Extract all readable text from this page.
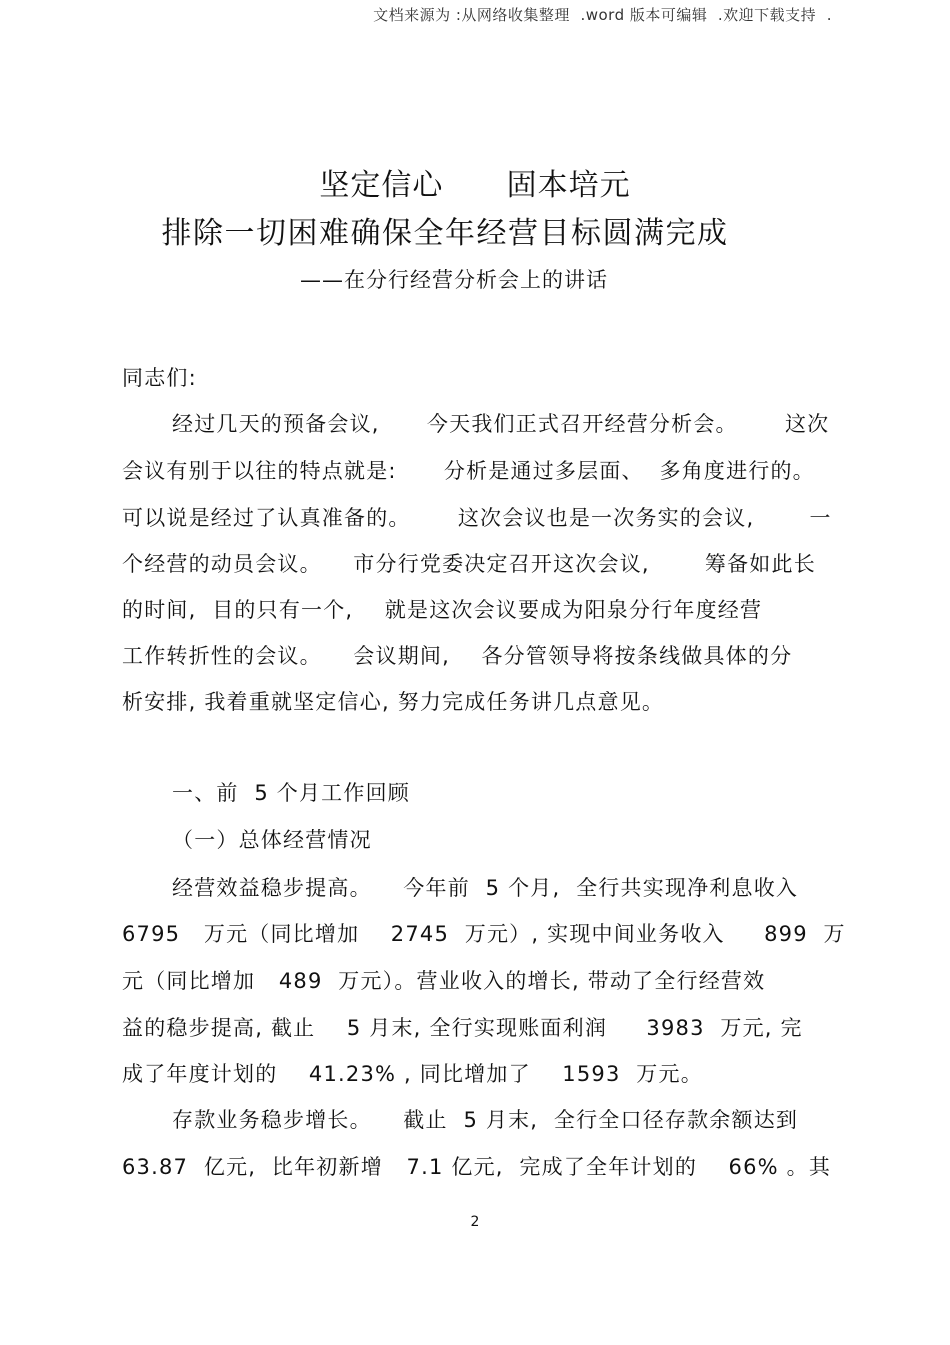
文档来源为 :从网络收集整理  .word 版本可编辑  .欢迎下载支持  .
坚定信心      固本培元
排除一切困难确保全年经营目标圆满完成
——在分行经营分析会上的讲话
同志们:
经过几天的预备会议,      今天我们正式召开经营分析会。      这次
会议有别于以往的特点就是:      分析是通过多层面、  多角度进行的。
可以说是经过了认真准备的。      这次会议也是一次务实的会议,       一
个经营的动员会议。    市分行党委决定召开这次会议,       筹备如此长
的时间,  目的只有一个,    就是这次会议要成为阳泉分行年度经营
工作转折性的会议。    会议期间,    各分管领导将按条线做具体的分
析安排, 我着重就坚定信心, 努力完成任务讲几点意见。
一、前  5 个月工作回顾
（一）总体经营情况
经营效益稳步提高。    今年前  5 个月,  全行共实现净利息收入
6795   万元（同比增加    2745  万元）, 实现中间业务收入     899  万
元（同比增加   489  万元）。营业收入的增长, 带动了全行经营效
益的稳步提高, 截止    5 月末, 全行实现账面利润     3983  万元, 完
成了年度计划的    41.23% , 同比增加了    1593  万元。
存款业务稳步增长。    截止  5 月末,  全行全口径存款余额达到
63.87  亿元,  比年初新增   7.1 亿元,  完成了全年计划的    66% 。其
2
